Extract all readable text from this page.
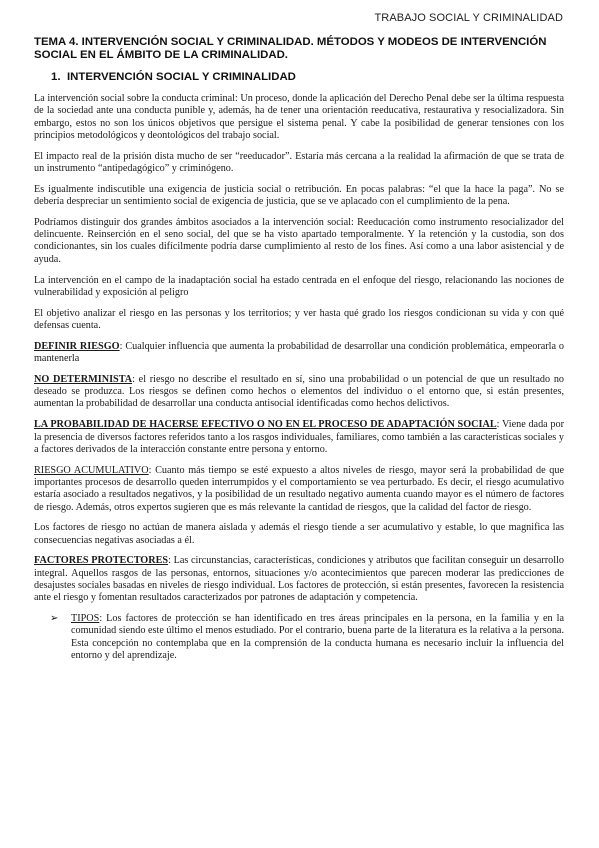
TRABAJO SOCIAL Y CRIMINALIDAD
TEMA 4. INTERVENCIÓN SOCIAL Y CRIMINALIDAD. MÉTODOS Y MODEOS DE INTERVENCIÓN SOCIAL EN EL ÁMBITO DE LA CRIMINALIDAD.
1. INTERVENCIÓN SOCIAL Y CRIMINALIDAD

La intervención social sobre la conducta criminal: Un proceso, donde la aplicación del Derecho Penal debe ser la última respuesta de la sociedad ante una conducta punible y, además, ha de tener una orientación reeducativa, restaurativa y resocializadora. Sin embargo, estos no son los únicos objetivos que persigue el sistema penal. Y cabe la posibilidad de generar tensiones con los principios metodológicos y deontológicos del trabajo social.

El impacto real de la prisión dista mucho de ser “reeducador”. Estaría más cercana a la realidad la afirmación de que se trata de un instrumento “antipedagógico” y criminógeno.

Es igualmente indiscutible una exigencia de justicia social o retribución. En pocas palabras: “el que la hace la paga”. No se debería despreciar un sentimiento social de exigencia de justicia, que se ve aplacado con el cumplimiento de la pena.

Podríamos distinguir dos grandes ámbitos asociados a la intervención social: Reeducación como instrumento resocializador del delincuente. Reinserción en el seno social, del que se ha visto apartado temporalmente. Y la retención y la custodia, son dos condicionantes, sin los cuales difícilmente podría darse cumplimiento al resto de los fines. Así como a una labor asistencial y de ayuda.

La intervención en el campo de la inadaptación social ha estado centrada en el enfoque del riesgo, relacionando las nociones de vulnerabilidad y exposición al peligro

El objetivo analizar el riesgo en las personas y los territorios; y ver hasta qué grado los riesgos condicionan su vida y con qué defensas cuenta.

DEFINIR RIESGO: Cualquier influencia que aumenta la probabilidad de desarrollar una condición problemática, empeorarla o mantenerla

NO DETERMINISTA: el riesgo no describe el resultado en sí, sino una probabilidad o un potencial de que un resultado no deseado se produzca. Los riesgos se definen como hechos o elementos del individuo o el entorno que, si están presentes, aumentan la probabilidad de desarrollar una conducta antisocial identificadas como hechos delictivos.

LA PROBABILIDAD DE HACERSE EFECTIVO O NO EN EL PROCESO DE ADAPTACIÓN SOCIAL: Viene dada por la presencia de diversos factores referidos tanto a los rasgos individuales, familiares, como también a las características sociales y a factores derivados de la interacción constante entre persona y entorno.

RIESGO ACUMULATIVO: Cuanto más tiempo se esté expuesto a altos niveles de riesgo, mayor será la probabilidad de que importantes procesos de desarrollo queden interrumpidos y el comportamiento se vea perturbado. Es decir, el riesgo acumulativo estaría asociado a resultados negativos, y la posibilidad de un resultado negativo aumenta cuando mayor es el número de factores de riesgo. Además, otros expertos sugieren que es más relevante la cantidad de riesgos, que la calidad del factor de riesgo.

Los factores de riesgo no actúan de manera aislada y además el riesgo tiende a ser acumulativo y estable, lo que magnifica las consecuencias negativas asociadas a él.

FACTORES PROTECTORES: Las circunstancias, características, condiciones y atributos que facilitan conseguir un desarrollo integral. Aquellos rasgos de las personas, entornos, situaciones y/o acontecimientos que parecen moderar las predicciones de desajustes sociales basadas en niveles de riesgo individual. Los factores de protección, si están presentes, favorecen la resistencia ante el riesgo y fomentan resultados caracterizados por patrones de adaptación y competencia.

➢	TIPOS: Los factores de protección se han identificado en tres áreas principales en la persona, en la familia y en la comunidad siendo este último el menos estudiado. Por el contrario, buena parte de la literatura es la relativa a la persona. Esta concepción no contemplaba que en la comprensión de la conducta humana es necesario incluir la influencia del entorno y del aprendizaje.
